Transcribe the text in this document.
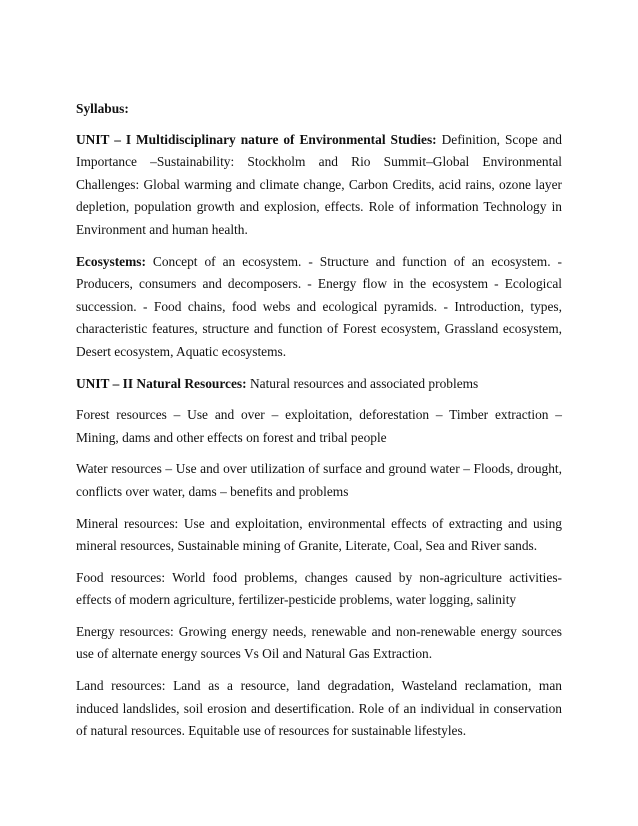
Syllabus:

UNIT – I Multidisciplinary nature of Environmental Studies: Definition, Scope and Importance –Sustainability: Stockholm and Rio Summit–Global Environmental Challenges: Global warming and climate change, Carbon Credits, acid rains, ozone layer depletion, population growth and explosion, effects. Role of information Technology in Environment and human health.

Ecosystems: Concept of an ecosystem. - Structure and function of an ecosystem. - Producers, consumers and decomposers. - Energy flow in the ecosystem - Ecological succession. - Food chains, food webs and ecological pyramids. - Introduction, types, characteristic features, structure and function of Forest ecosystem, Grassland ecosystem, Desert ecosystem, Aquatic ecosystems.

UNIT – II Natural Resources: Natural resources and associated problems

Forest resources – Use and over – exploitation, deforestation – Timber extraction – Mining, dams and other effects on forest and tribal people

Water resources – Use and over utilization of surface and ground water – Floods, drought, conflicts over water, dams – benefits and problems

Mineral resources: Use and exploitation, environmental effects of extracting and using mineral resources, Sustainable mining of Granite, Literate, Coal, Sea and River sands.

Food resources: World food problems, changes caused by non-agriculture activities-effects of modern agriculture, fertilizer-pesticide problems, water logging, salinity

Energy resources: Growing energy needs, renewable and non-renewable energy sources use of alternate energy sources Vs Oil and Natural Gas Extraction.

Land resources: Land as a resource, land degradation, Wasteland reclamation, man induced landslides, soil erosion and desertification. Role of an individual in conservation of natural resources. Equitable use of resources for sustainable lifestyles.
